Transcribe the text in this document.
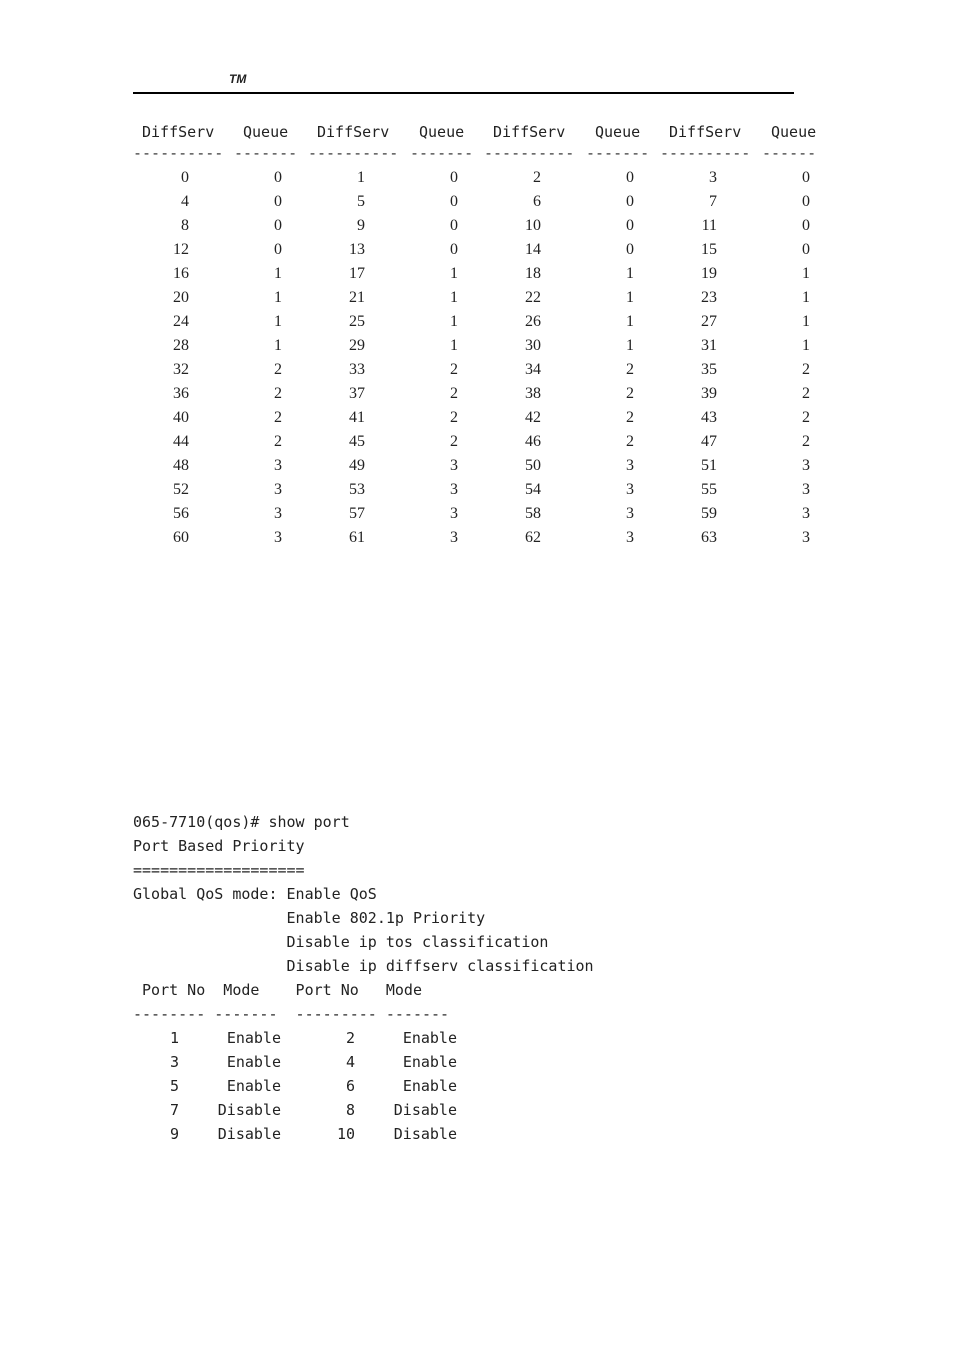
TM
DiffServ Queue DiffServ Queue DiffServ Queue DiffServ Queue
---------- ------- ---------- ------- ---------- ------- ---------- ------
0	0	1	0	2	0	3	0
4	0	5	0	6	0	7	0
8	0	9	0	10	0	11	0
12	0	13	0	14	0	15	0
16	1	17	1	18	1	19	1
20	1	21	1	22	1	23	1
24	1	25	1	26	1	27	1
28	1	29	1	30	1	31	1
32	2	33	2	34	2	35	2
36	2	37	2	38	2	39	2
40	2	41	2	42	2	43	2
44	2	45	2	46	2	47	2
48	3	49	3	50	3	51	3
52	3	53	3	54	3	55	3
56	3	57	3	58	3	59	3
60	3	61	3	62	3	63	3
065-7710(qos)# show port
Port Based Priority
===================
Global QoS mode: Enable QoS
Enable 802.1p Priority
Disable ip tos classification
Disable ip diffserv classification
Port No  Mode    Port No   Mode
-------- -------  --------- -------
1	Enable	2	Enable
3	Enable	4	Enable
5	Enable	6	Enable
7	Disable	8	Disable
9	Disable	10	Disable
